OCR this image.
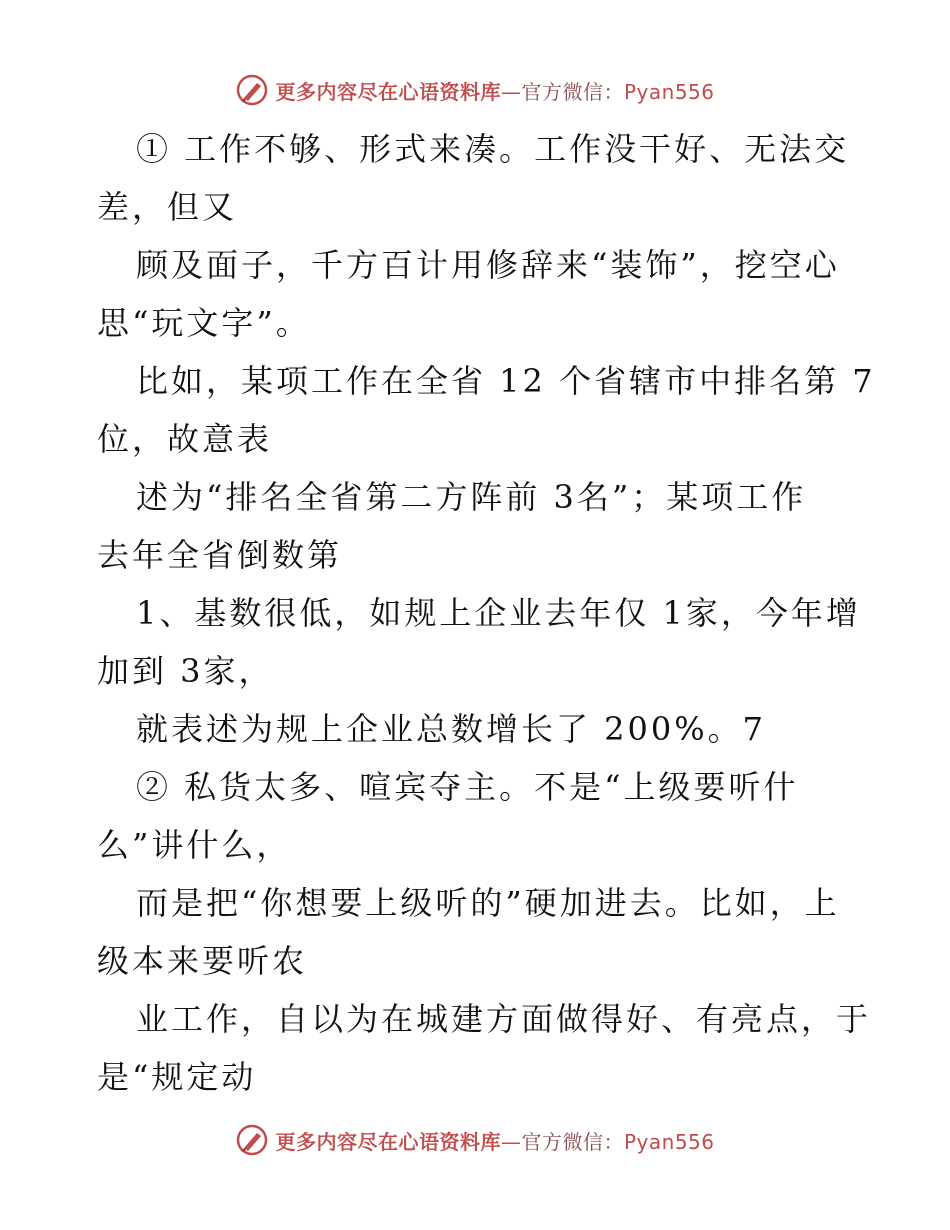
更多内容尽在心语资料库—官方微信：Pyan556
① 工作不够、形式来凑。工作没干好、无法交
差，但又
顾及面子，千方百计用修辞来“装饰”，挖空心
思“玩文字”。
比如，某项工作在全省 12 个省辖市中排名第 7
位，故意表
述为“排名全省第二方阵前 3名”；某项工作
去年全省倒数第
1、基数很低，如规上企业去年仅 1家，今年增
加到 3家，
就表述为规上企业总数增长了 200%。7
② 私货太多、喧宾夺主。不是“上级要听什
么”讲什么，
而是把“你想要上级听的”硬加进去。比如，上
级本来要听农
业工作，自以为在城建方面做得好、有亮点，于
是“规定动
更多内容尽在心语资料库—官方微信：Pyan556
